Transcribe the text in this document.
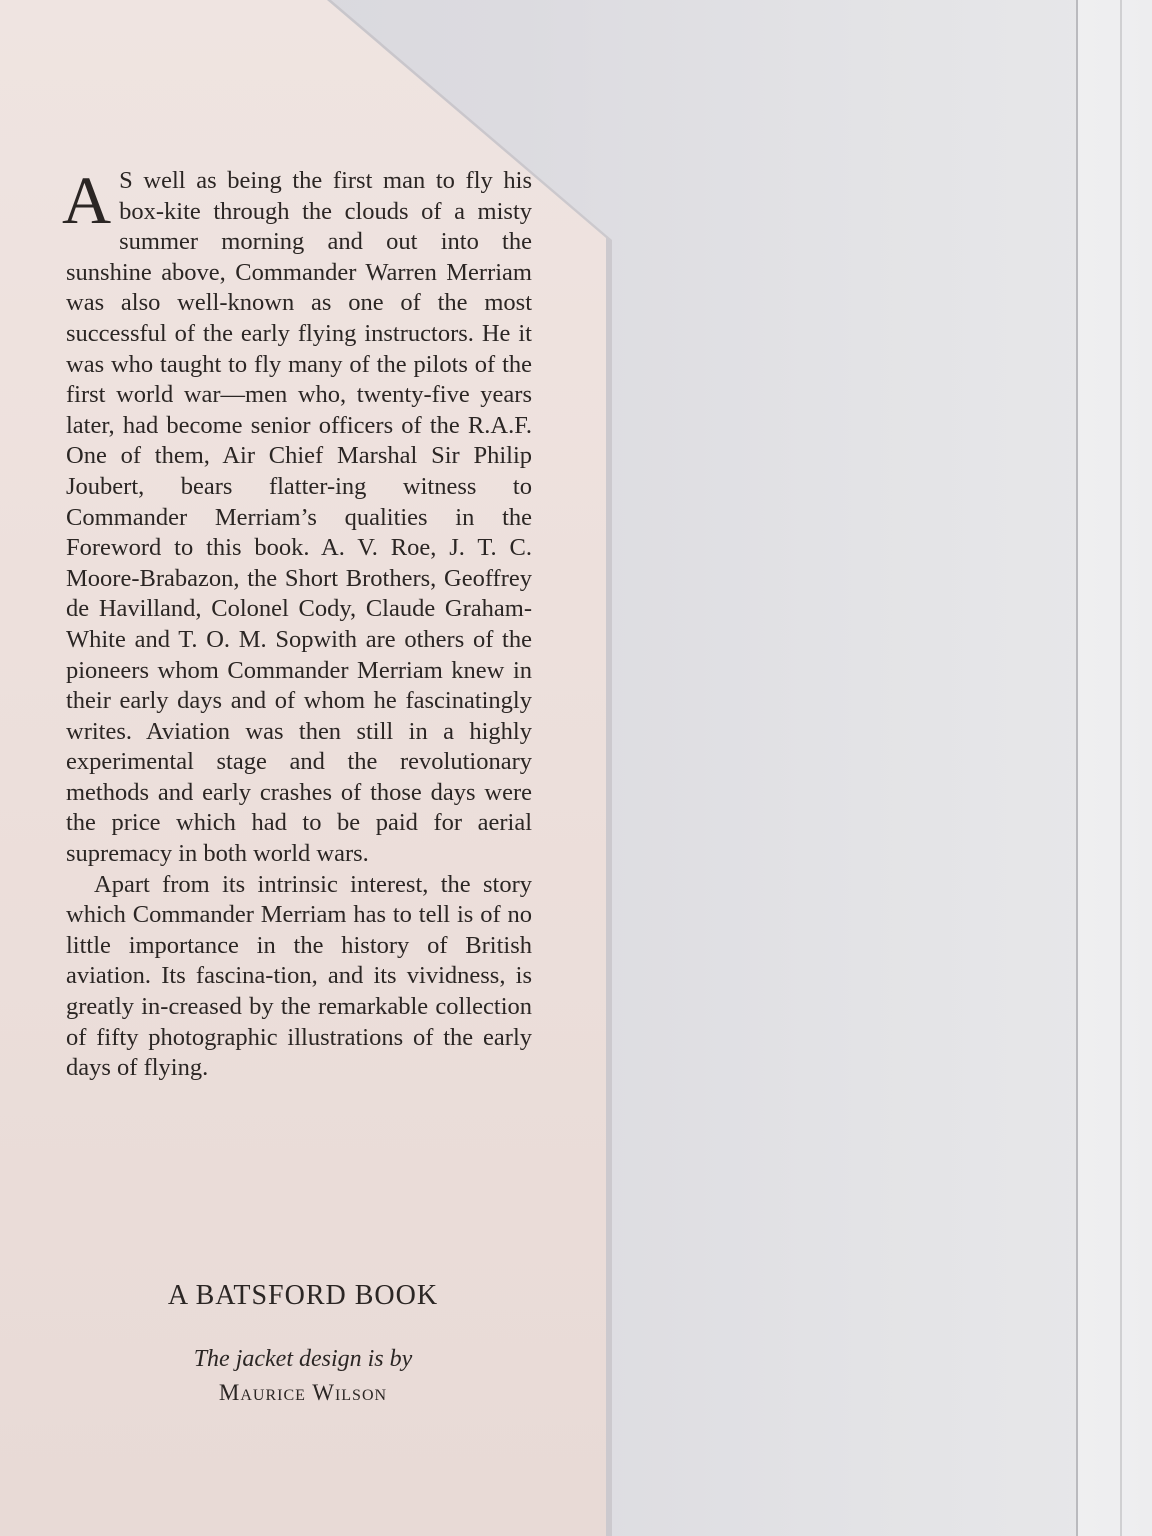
A S well as being the first man to fly his box-kite through the clouds of a misty summer morning and out into the sunshine above, Commander Warren Merriam was also well-known as one of the most successful of the early flying instructors. He it was who taught to fly many of the pilots of the first world war—men who, twenty-five years later, had become senior officers of the R.A.F. One of them, Air Chief Marshal Sir Philip Joubert, bears flatter-ing witness to Commander Merriam’s qualities in the Foreword to this book. A. V. Roe, J. T. C. Moore-Brabazon, the Short Brothers, Geoffrey de Havilland, Colonel Cody, Claude Graham-White and T. O. M. Sopwith are others of the pioneers whom Commander Merriam knew in their early days and of whom he fascinatingly writes. Aviation was then still in a highly experimental stage and the revolutionary methods and early crashes of those days were the price which had to be paid for aerial supremacy in both world wars.

Apart from its intrinsic interest, the story which Commander Merriam has to tell is of no little importance in the history of British aviation. Its fascina-tion, and its vividness, is greatly in-creased by the remarkable collection of fifty photographic illustrations of the early days of flying.

A BATSFORD BOOK
The jacket design is by
Maurice Wilson
